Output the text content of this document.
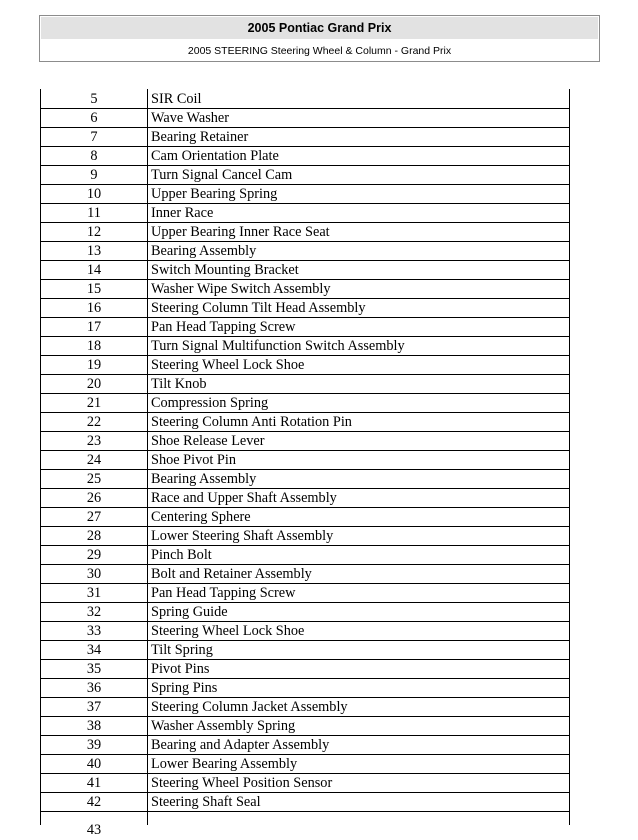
2005 Pontiac Grand Prix
2005 STEERING Steering Wheel & Column - Grand Prix
5	SIR Coil
6	Wave Washer
7	Bearing Retainer
8	Cam Orientation Plate
9	Turn Signal Cancel Cam
10	Upper Bearing Spring
11	Inner Race
12	Upper Bearing Inner Race Seat
13	Bearing Assembly
14	Switch Mounting Bracket
15	Washer Wipe Switch Assembly
16	Steering Column Tilt Head Assembly
17	Pan Head Tapping Screw
18	Turn Signal Multifunction Switch Assembly
19	Steering Wheel Lock Shoe
20	Tilt Knob
21	Compression Spring
22	Steering Column Anti Rotation Pin
23	Shoe Release Lever
24	Shoe Pivot Pin
25	Bearing Assembly
26	Race and Upper Shaft Assembly
27	Centering Sphere
28	Lower Steering Shaft Assembly
29	Pinch Bolt
30	Bolt and Retainer Assembly
31	Pan Head Tapping Screw
32	Spring Guide
33	Steering Wheel Lock Shoe
34	Tilt Spring
35	Pivot Pins
36	Spring Pins
37	Steering Column Jacket Assembly
38	Washer Assembly Spring
39	Bearing and Adapter Assembly
40	Lower Bearing Assembly
41	Steering Wheel Position Sensor
42	Steering Shaft Seal
43
